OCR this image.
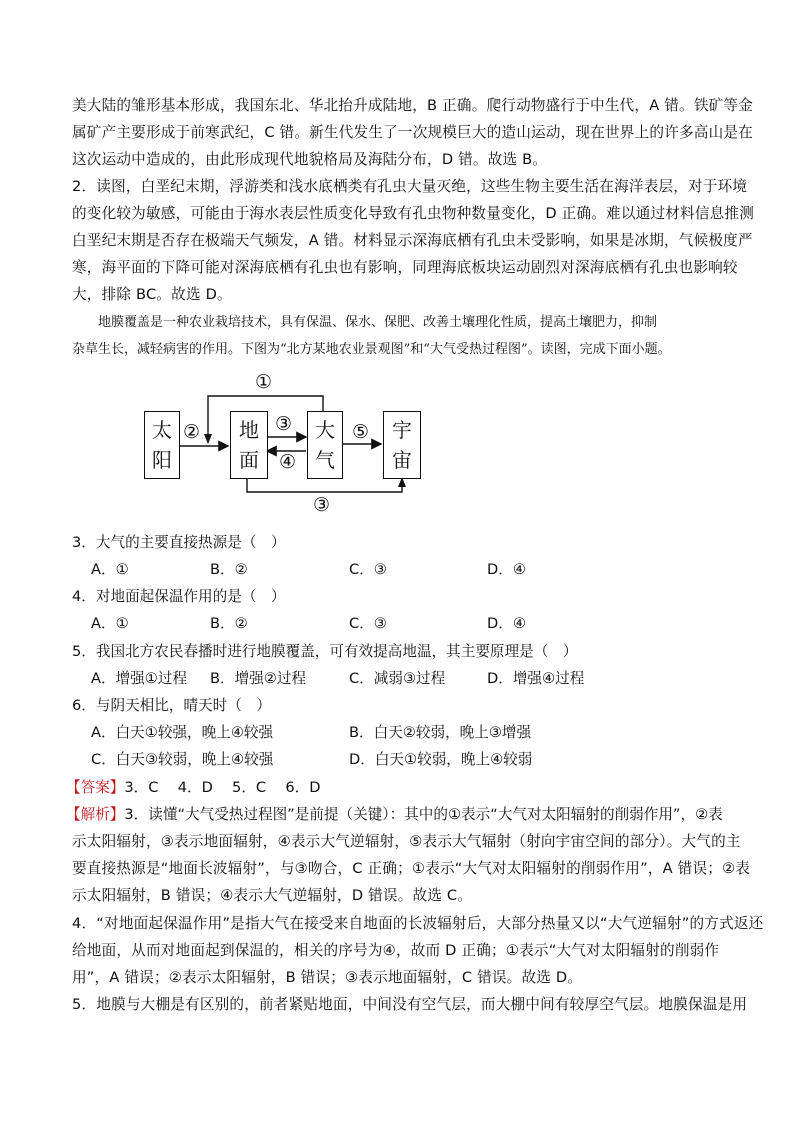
美大陆的雏形基本形成，我国东北、华北抬升成陆地，B 正确。爬行动物盛行于中生代，A 错。铁矿等金
属矿产主要形成于前寒武纪，C 错。新生代发生了一次规模巨大的造山运动，现在世界上的许多高山是在
这次运动中造成的，由此形成现代地貌格局及海陆分布，D 错。故选 B。
2．读图，白垩纪末期，浮游类和浅水底栖类有孔虫大量灭绝，这些生物主要生活在海洋表层，对于环境
的变化较为敏感，可能由于海水表层性质变化导致有孔虫物种数量变化，D 正确。难以通过材料信息推测
白垩纪末期是否存在极端天气频发，A 错。材料显示深海底栖有孔虫未受影响，如果是冰期，气候极度严
寒，海平面的下降可能对深海底栖有孔虫也有影响，同理海底板块运动剧烈对深海底栖有孔虫也影响较
大，排除 BC。故选 D。
　　地膜覆盖是一种农业栽培技术，具有保温、保水、保肥、改善土壤理化性质，提高土壤肥力，抑制
杂草生长，减轻病害的作用。下图为“北方某地农业景观图”和“大气受热过程图”。读图，完成下面小题。
太
阳
地
面
大
气
宇
宙
①
②	③
④
⑤
③
3．大气的主要直接热源是（　）
A．①	B．②	C．③	D．④
4．对地面起保温作用的是（　）
A．①	B．②	C．③	D．④
5．我国北方农民春播时进行地膜覆盖，可有效提高地温，其主要原理是（　）
A．增强①过程 B．增强②过程	C．减弱③过程	D．增强④过程
6．与阴天相比，晴天时（　）
A．白天①较强，晚上④较强	B．白天②较弱，晚上③增强
C．白天③较弱，晚上④较强	D．白天①较弱，晚上④较弱
【答案】3．C　 4．D　 5．C　 6．D
【解析】3．读懂“大气受热过程图”是前提（关键）：其中的①表示“大气对太阳辐射的削弱作用”，②表
示太阳辐射，③表示地面辐射，④表示大气逆辐射，⑤表示大气辐射（射向宇宙空间的部分）。大气的主
要直接热源是“地面长波辐射”，与③吻合，C 正确；①表示“大气对太阳辐射的削弱作用”，A 错误；②表
示太阳辐射，B 错误；④表示大气逆辐射，D 错误。故选 C。
4．“对地面起保温作用”是指大气在接受来自地面的长波辐射后，大部分热量又以“大气逆辐射”的方式返还
给地面，从而对地面起到保温的，相关的序号为④，故而 D 正确；①表示“大气对太阳辐射的削弱作
用”，A 错误；②表示太阳辐射，B 错误；③表示地面辐射，C 错误。故选 D。
5．地膜与大棚是有区别的，前者紧贴地面，中间没有空气层，而大棚中间有较厚空气层。地膜保温是用
